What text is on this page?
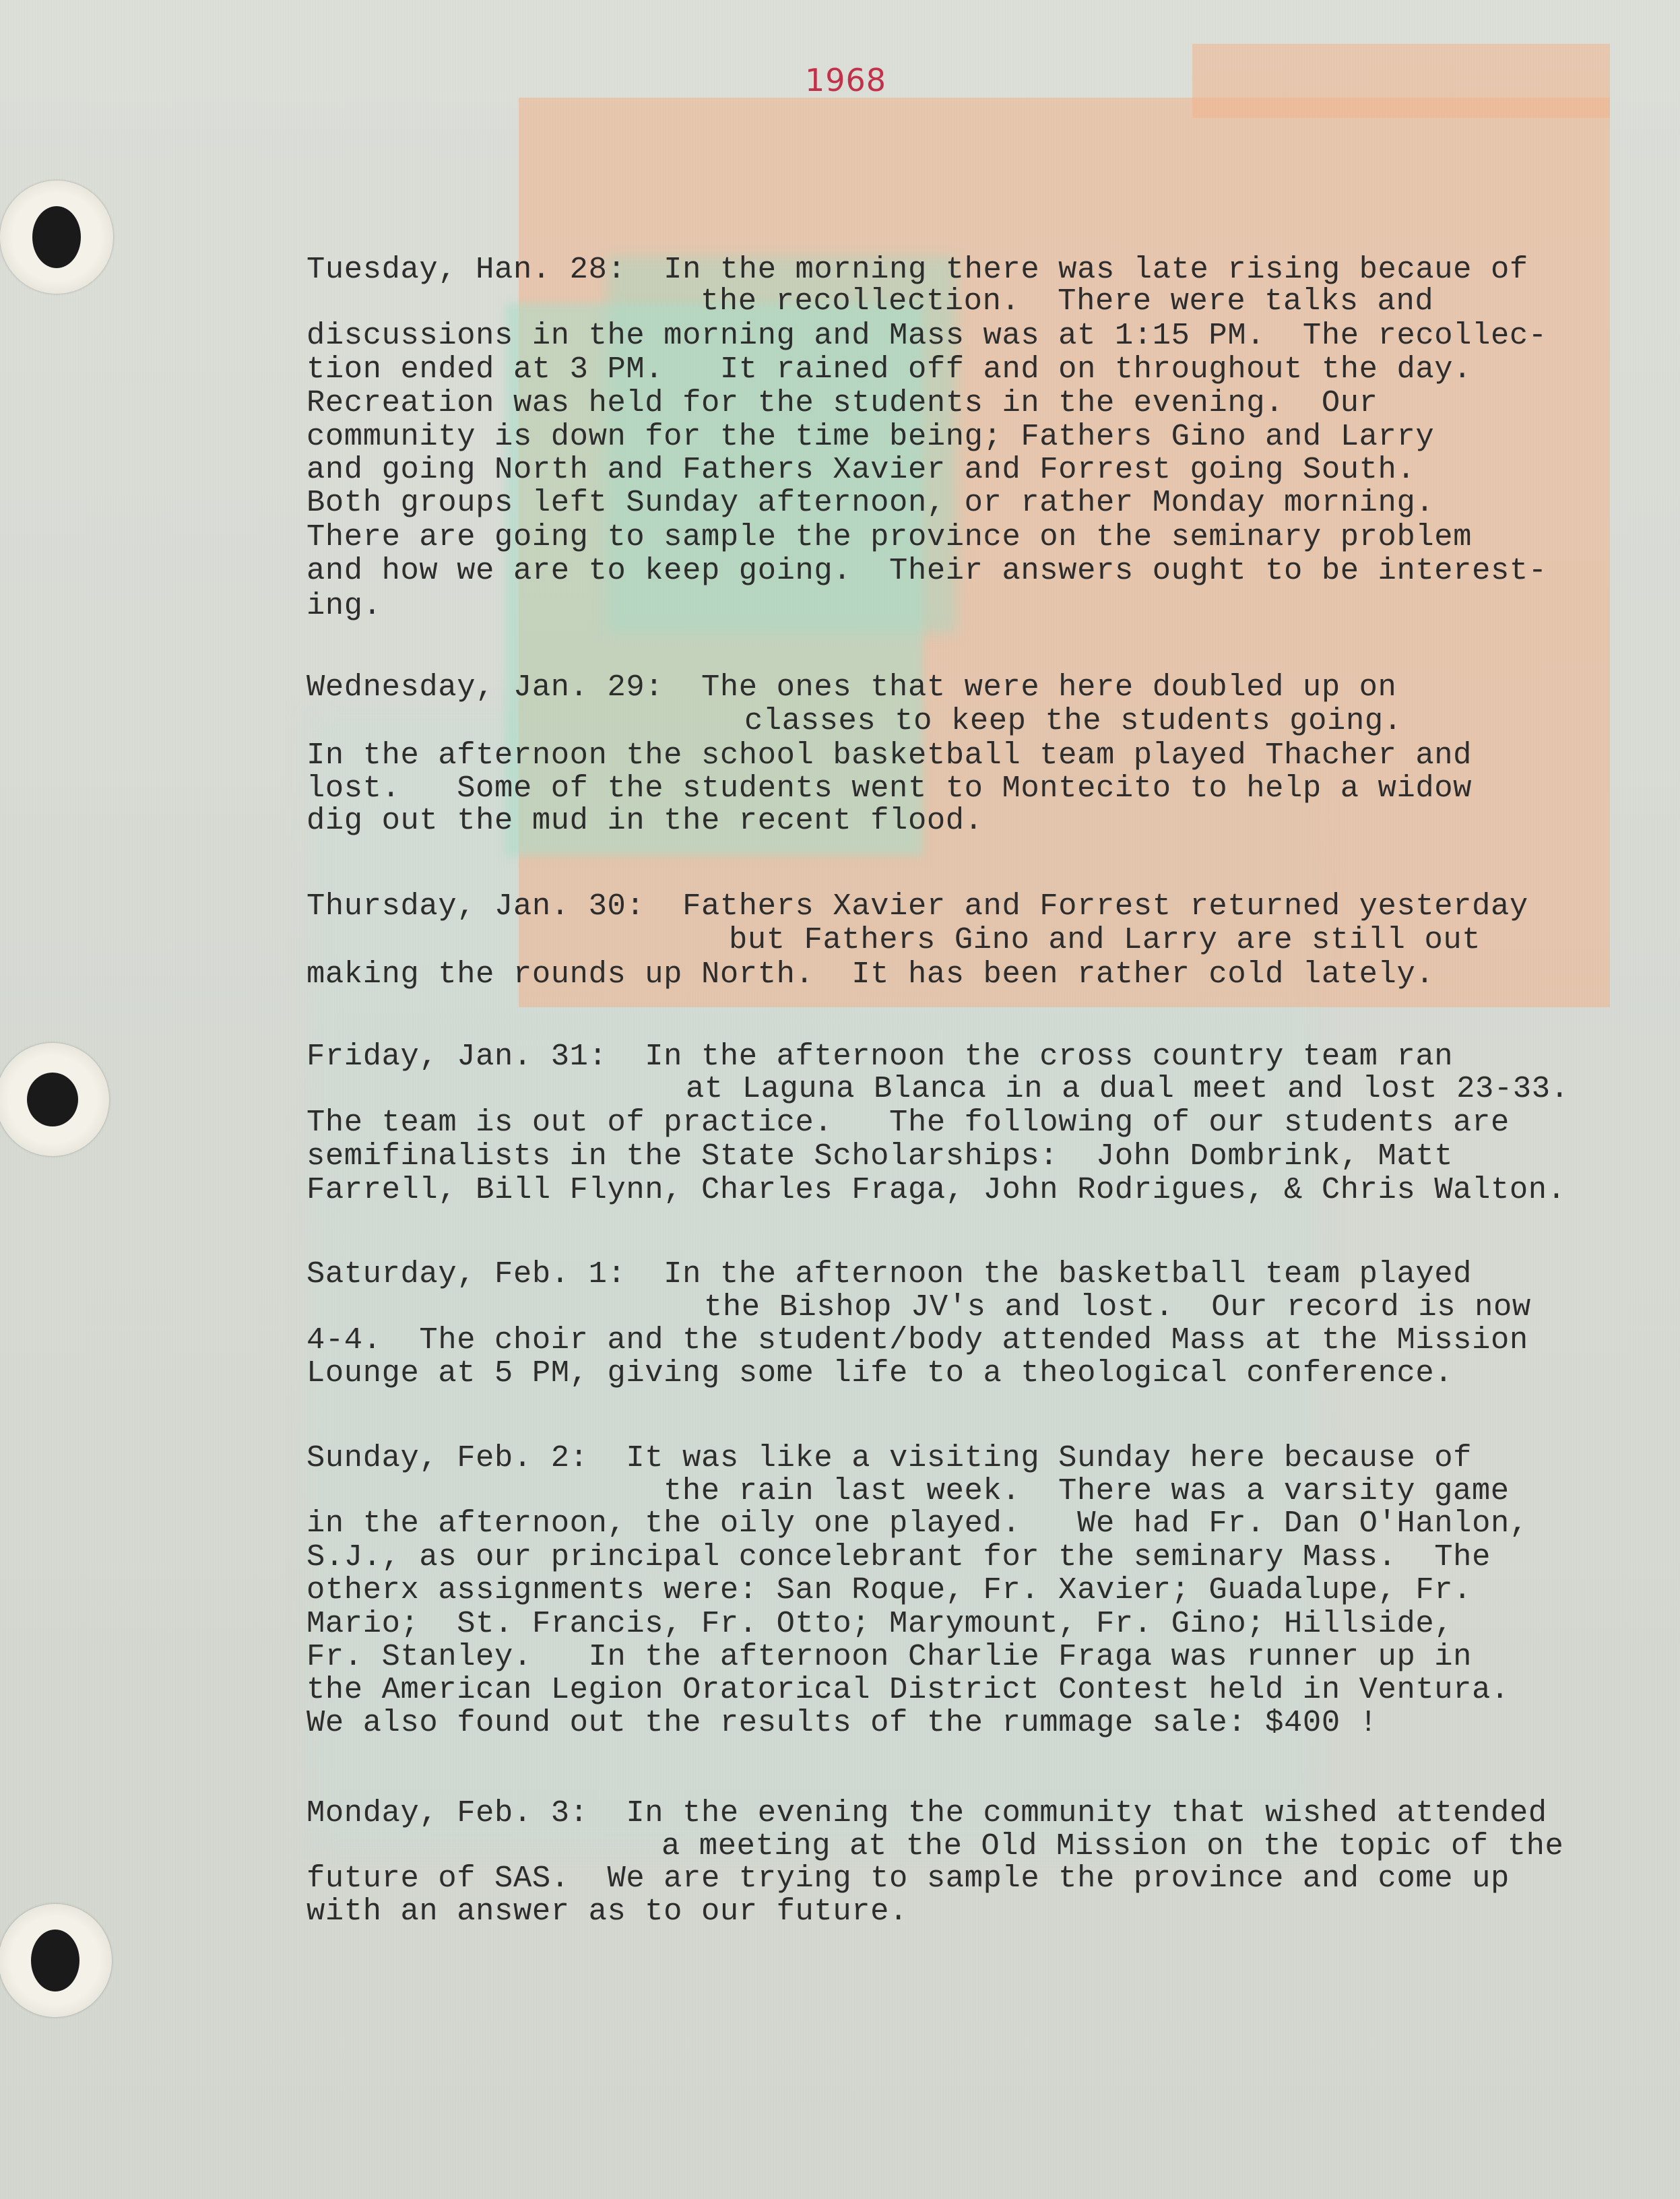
1968
Tuesday, Han. 28:  In the morning there was late rising becaue of
the recollection.  There were talks and
discussions in the morning and Mass was at 1:15 PM.  The recollec-
tion ended at 3 PM.   It rained off and on throughout the day.
Recreation was held for the students in the evening.  Our
community is down for the time being; Fathers Gino and Larry
and going North and Fathers Xavier and Forrest going South.
Both groups left Sunday afternoon, or rather Monday morning.
There are going to sample the province on the seminary problem
and how we are to keep going.  Their answers ought to be interest-
ing.
Wednesday, Jan. 29:  The ones that were here doubled up on
classes to keep the students going.
In the afternoon the school basketball team played Thacher and
lost.   Some of the students went to Montecito to help a widow
dig out the mud in the recent flood.
Thursday, Jan. 30:  Fathers Xavier and Forrest returned yesterday
but Fathers Gino and Larry are still out
making the rounds up North.  It has been rather cold lately.
Friday, Jan. 31:  In the afternoon the cross country team ran
at Laguna Blanca in a dual meet and lost 23-33.
The team is out of practice.   The following of our students are
semifinalists in the State Scholarships:  John Dombrink, Matt
Farrell, Bill Flynn, Charles Fraga, John Rodrigues, & Chris Walton.
Saturday, Feb. 1:  In the afternoon the basketball team played
the Bishop JV's and lost.  Our record is now
4-4.  The choir and the student/body attended Mass at the Mission
Lounge at 5 PM, giving some life to a theological conference.
Sunday, Feb. 2:  It was like a visiting Sunday here because of
the rain last week.  There was a varsity game
in the afternoon, the oily one played.   We had Fr. Dan O'Hanlon,
S.J., as our principal concelebrant for the seminary Mass.  The
otherx assignments were: San Roque, Fr. Xavier; Guadalupe, Fr.
Mario;  St. Francis, Fr. Otto; Marymount, Fr. Gino; Hillside,
Fr. Stanley.   In the afternoon Charlie Fraga was runner up in
the American Legion Oratorical District Contest held in Ventura.
We also found out the results of the rummage sale: $400 !
Monday, Feb. 3:  In the evening the community that wished attended
a meeting at the Old Mission on the topic of the
future of SAS.  We are trying to sample the province and come up
with an answer as to our future.
